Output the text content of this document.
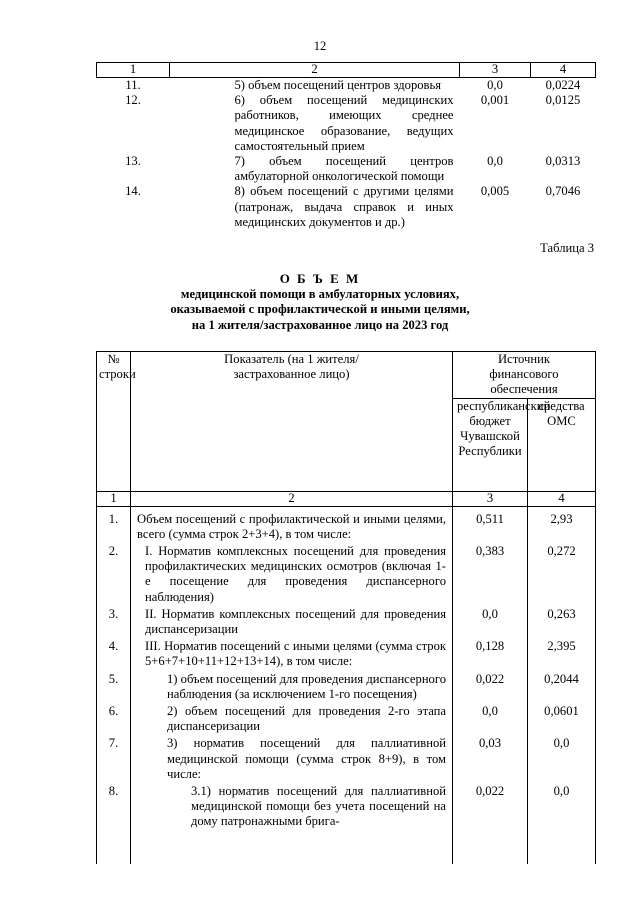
12
1	2	3	4
11.	5) объем посещений центров здоровья	0,0	0,0224
12.	6) объем посещений медицинских работников, имеющих среднее медицинское образование, ведущих самостоятельный прием	0,001	0,0125
13.	7) объем посещений центров амбулаторной онкологической помощи	0,0	0,0313
14.	8) объем посещений с другими целями (патронаж, выдача справок и иных медицинских документов и др.)	0,005	0,7046
Таблица 3
О Б Ъ Е М
медицинской помощи в амбулаторных условиях,
оказываемой с профилактической и иными целями,
на 1 жителя/застрахованное лицо на 2023 год
№ строки	Показатель (на 1 жителя/застрахованное лицо)	Источник финансового обеспечения	
		республиканский бюджет Чувашской Республики	средства ОМС
1	2	3	4
1.	Объем посещений с профилактической и иными целями, всего (сумма строк 2+3+4), в том числе:	0,511	2,93
2.	I. Норматив комплексных посещений для проведения профилактических медицинских осмотров (включая 1-е посещение для проведения диспансерного наблюдения)	0,383	0,272
3.	II. Норматив комплексных посещений для проведения диспансеризации	0,0	0,263
4.	III. Норматив посещений с иными целями (сумма строк 5+6+7+10+11+12+13+14), в том числе:	0,128	2,395
5.	1) объем посещений для проведения диспансерного наблюдения (за исключением 1-го посещения)	0,022	0,2044
6.	2) объем посещений для проведения 2-го этапа диспансеризации	0,0	0,0601
7.	3) норматив посещений для паллиативной медицинской помощи (сумма строк 8+9), в том числе:	0,03	0,0
8.	3.1) норматив посещений для паллиативной медицинской помощи без учета посещений на дому патронажными брига-	0,022	0,0
